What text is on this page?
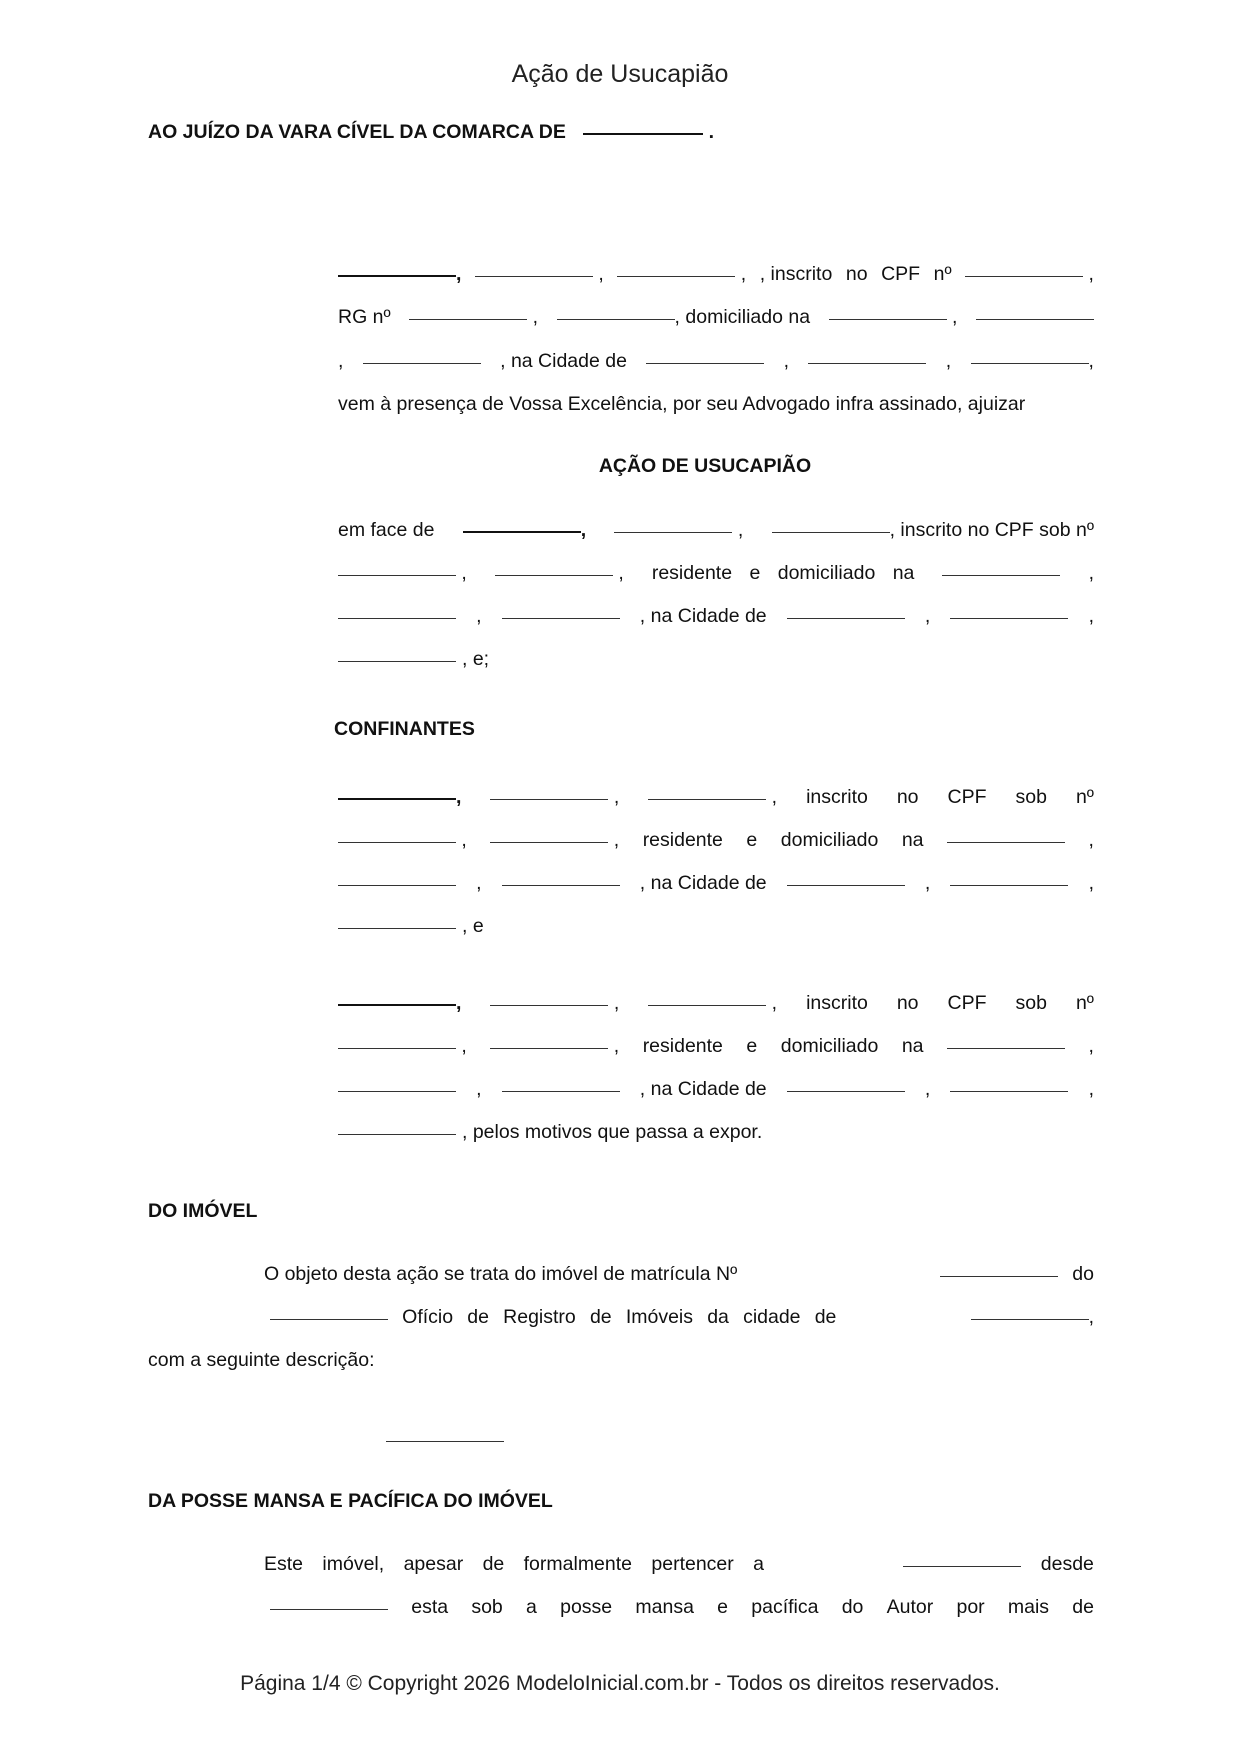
Ação de Usucapião
AO JUÍZO DA VARA CÍVEL DA COMARCA DE	.
,	,	, , inscrito no CPF nº	,
RG nº	,	, domiciliado na	,
,	, na Cidade de	,	,	,
vem à presença de Vossa Excelência, por seu Advogado infra assinado, ajuizar
AÇÃO DE USUCAPIÃO
em face de	,	,	, inscrito no CPF sob nº
,	, residente e domiciliado na	,
,	, na Cidade de	,	,
, e;
CONFINANTES
,	,	, inscrito no CPF sob nº
,	, residente e domiciliado na	,
,	, na Cidade de	,	,
, e
,	,	, inscrito no CPF sob nº
,	, residente e domiciliado na	,
,	, na Cidade de	,	,
, pelos motivos que passa a expor.
DO IMÓVEL
O objeto desta ação se trata do imóvel de matrícula Nº	do
Ofício de Registro de Imóveis da cidade de	,
com a seguinte descrição:
DA POSSE MANSA E PACÍFICA DO IMÓVEL
Este imóvel, apesar de formalmente pertencer a	desde
esta sob a posse mansa e pacífica do Autor por mais de
Página 1/4 © Copyright 2026 ModeloInicial.com.br - Todos os direitos reservados.
